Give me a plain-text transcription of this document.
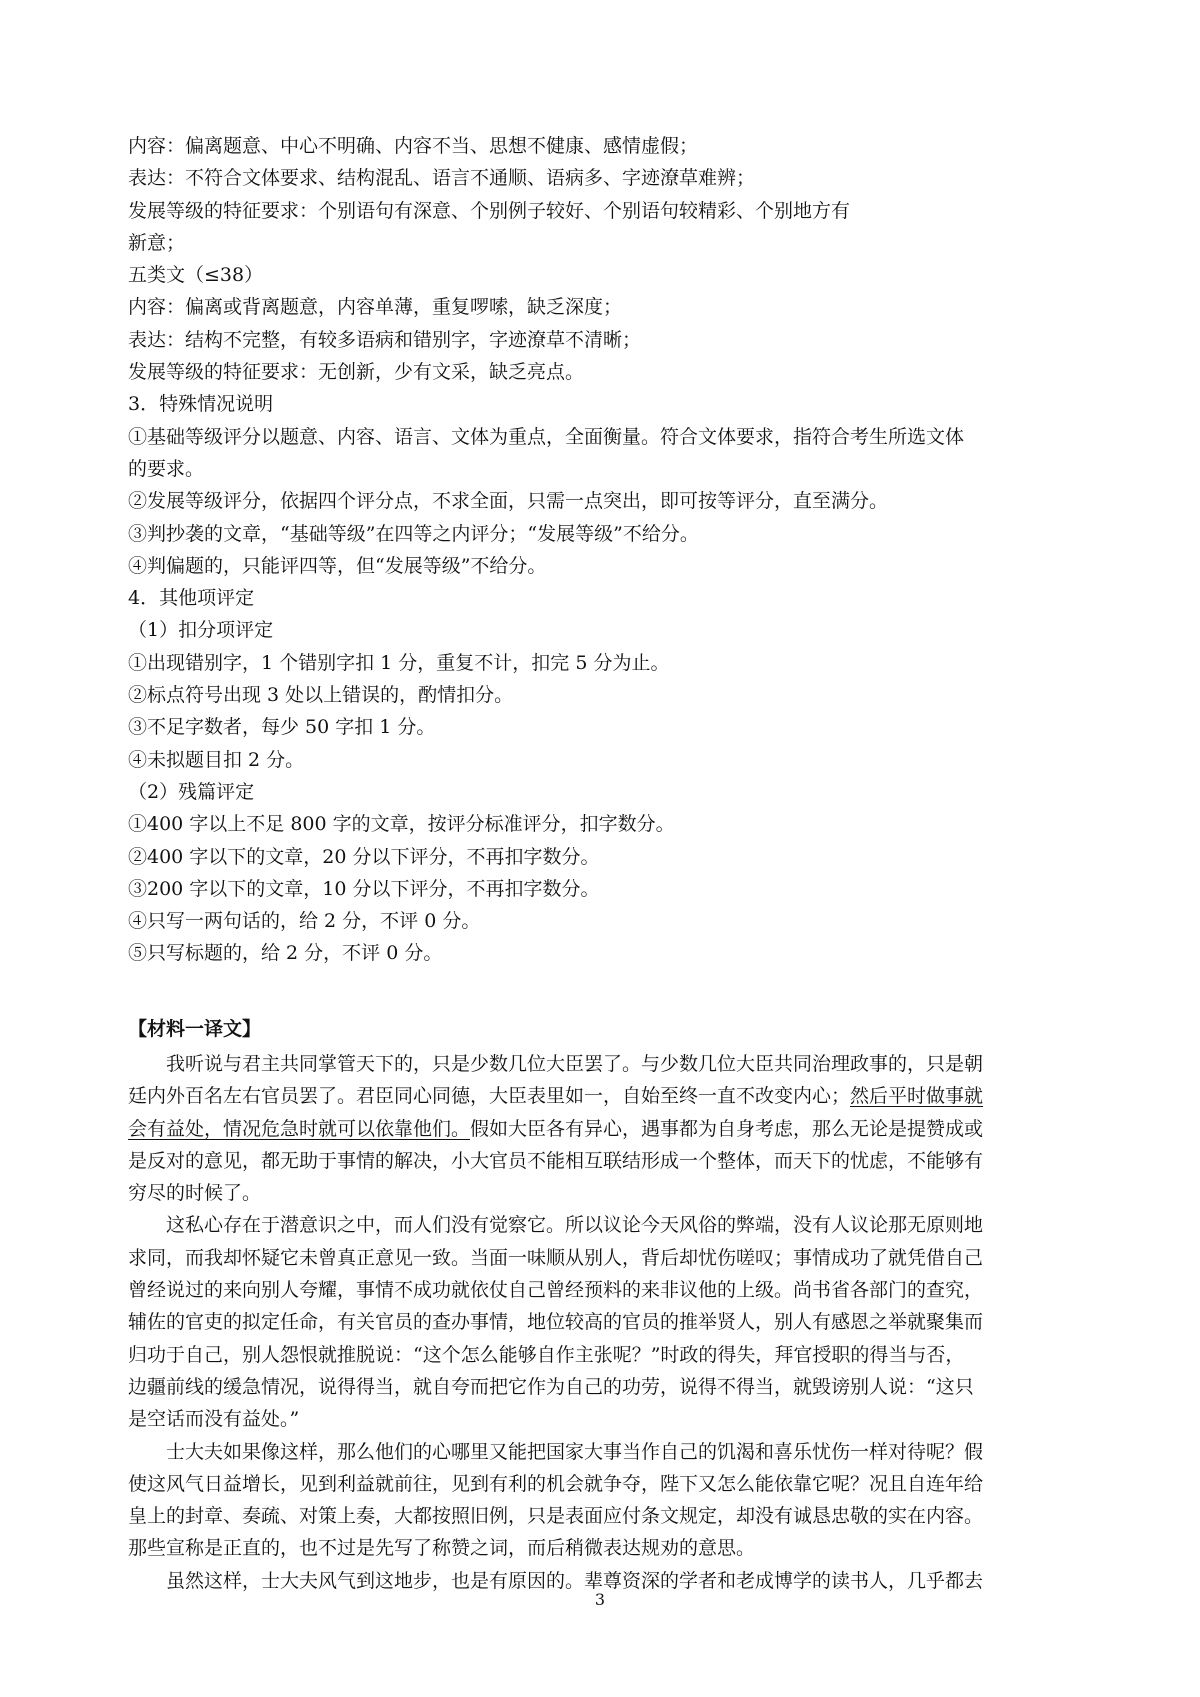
内容：偏离题意、中心不明确、内容不当、思想不健康、感情虚假；
表达：不符合文体要求、结构混乱、语言不通顺、语病多、字迹潦草难辨；
发展等级的特征要求：个别语句有深意、个别例子较好、个别语句较精彩、个别地方有
新意；
五类文（≤38）
内容：偏离或背离题意，内容单薄，重复啰嗦，缺乏深度；
表达：结构不完整，有较多语病和错别字，字迹潦草不清晰；
发展等级的特征要求：无创新，少有文采，缺乏亮点。
3．特殊情况说明
①基础等级评分以题意、内容、语言、文体为重点，全面衡量。符合文体要求，指符合考生所选文体
的要求。
②发展等级评分，依据四个评分点，不求全面，只需一点突出，即可按等评分，直至满分。
③判抄袭的文章，“基础等级”在四等之内评分；“发展等级”不给分。
④判偏题的，只能评四等，但“发展等级”不给分。
4．其他项评定
（1）扣分项评定
①出现错别字，1 个错别字扣 1 分，重复不计，扣完 5 分为止。
②标点符号出现 3 处以上错误的，酌情扣分。
③不足字数者，每少 50 字扣 1 分。
④未拟题目扣 2 分。
（2）残篇评定
①400 字以上不足 800 字的文章，按评分标准评分，扣字数分。
②400 字以下的文章，20 分以下评分，不再扣字数分。
③200 字以下的文章，10 分以下评分，不再扣字数分。
④只写一两句话的，给 2 分，不评 0 分。
⑤只写标题的，给 2 分，不评 0 分。
【材料一译文】
我听说与君主共同掌管天下的，只是少数几位大臣罢了。与少数几位大臣共同治理政事的，只是朝
廷内外百名左右官员罢了。君臣同心同德，大臣表里如一，自始至终一直不改变内心；然后平时做事就
会有益处，情况危急时就可以依靠他们。假如大臣各有异心，遇事都为自身考虑，那么无论是提赞成或
是反对的意见，都无助于事情的解决，小大官员不能相互联结形成一个整体，而天下的忧虑，不能够有
穷尽的时候了。
这私心存在于潜意识之中，而人们没有觉察它。所以议论今天风俗的弊端，没有人议论那无原则地
求同，而我却怀疑它未曾真正意见一致。当面一味顺从别人，背后却忧伤嗟叹；事情成功了就凭借自己
曾经说过的来向别人夸耀，事情不成功就依仗自己曾经预料的来非议他的上级。尚书省各部门的查究，
辅佐的官吏的拟定任命，有关官员的查办事情，地位较高的官员的推举贤人，别人有感恩之举就聚集而
归功于自己，别人怨恨就推脱说：“这个怎么能够自作主张呢？”时政的得失，拜官授职的得当与否，
边疆前线的缓急情况，说得得当，就自夸而把它作为自己的功劳，说得不得当，就毁谤别人说：“这只
是空话而没有益处。”
士大夫如果像这样，那么他们的心哪里又能把国家大事当作自己的饥渴和喜乐忧伤一样对待呢？假
使这风气日益增长，见到利益就前往，见到有利的机会就争夺，陛下又怎么能依靠它呢？况且自连年给
皇上的封章、奏疏、对策上奏，大都按照旧例，只是表面应付条文规定，却没有诚恳忠敬的实在内容。
那些宣称是正直的，也不过是先写了称赞之词，而后稍微表达规劝的意思。
虽然这样，士大夫风气到这地步，也是有原因的。辈尊资深的学者和老成博学的读书人，几乎都去
3
